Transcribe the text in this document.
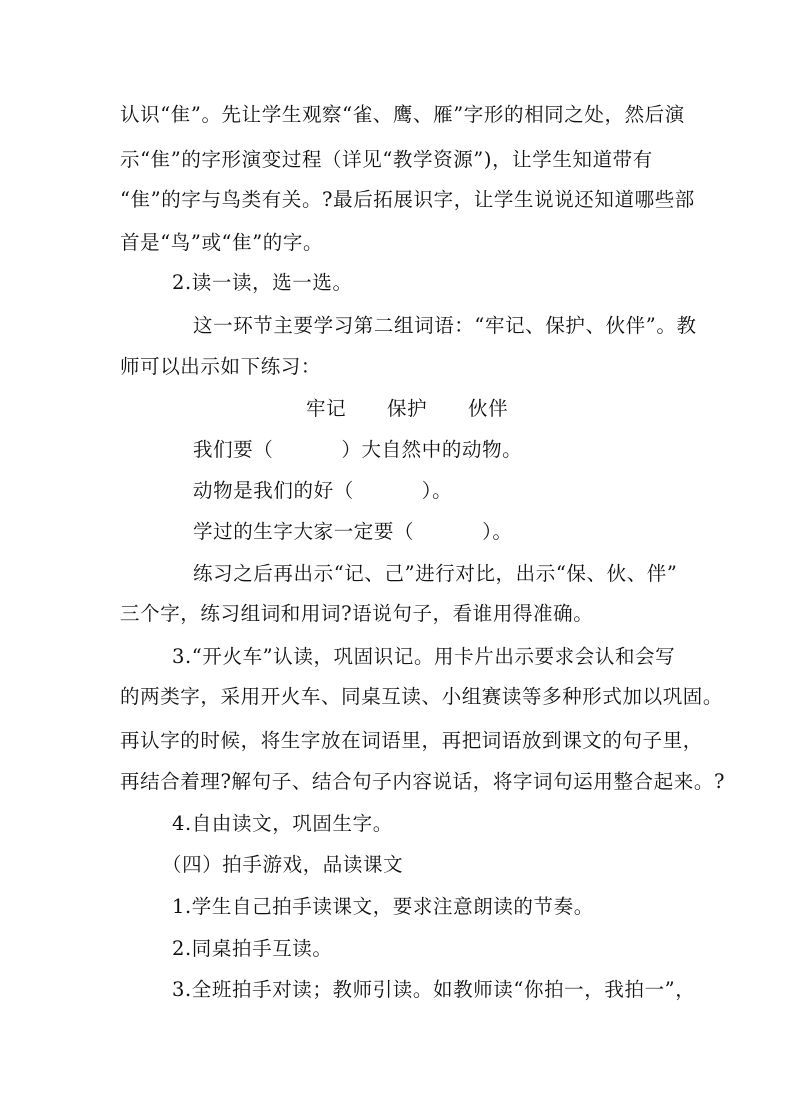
认识“隹”。先让学生观察“雀、鹰、雁”字形的相同之处，然后演
示“隹”的字形演变过程（详见“教学资源”)，让学生知道带有
“隹”的字与鸟类有关。?最后拓展识字，让学生说说还知道哪些部
首是“鸟”或“隹”的字。
2.读一读，选一选。
这一环节主要学习第二组词语：“牢记、保护、伙伴”。教
师可以出示如下练习：
牢记      保护      伙伴
我们要（          ）大自然中的动物。
动物是我们的好（          ）。
学过的生字大家一定要（          ）。
练习之后再出示“记、己”进行对比，出示“保、伙、伴”
三个字，练习组词和用词?语说句子，看谁用得准确。
3.“开火车”认读，巩固识记。用卡片出示要求会认和会写
的两类字，采用开火车、同桌互读、小组赛读等多种形式加以巩固。
再认字的时候，将生字放在词语里，再把词语放到课文的句子里，
再结合着理?解句子、结合句子内容说话，将字词句运用整合起来。?
4.自由读文，巩固生字。
（四）拍手游戏，品读课文
1.学生自己拍手读课文，要求注意朗读的节奏。
2.同桌拍手互读。
3.全班拍手对读；教师引读。如教师读“你拍一，我拍一”，
